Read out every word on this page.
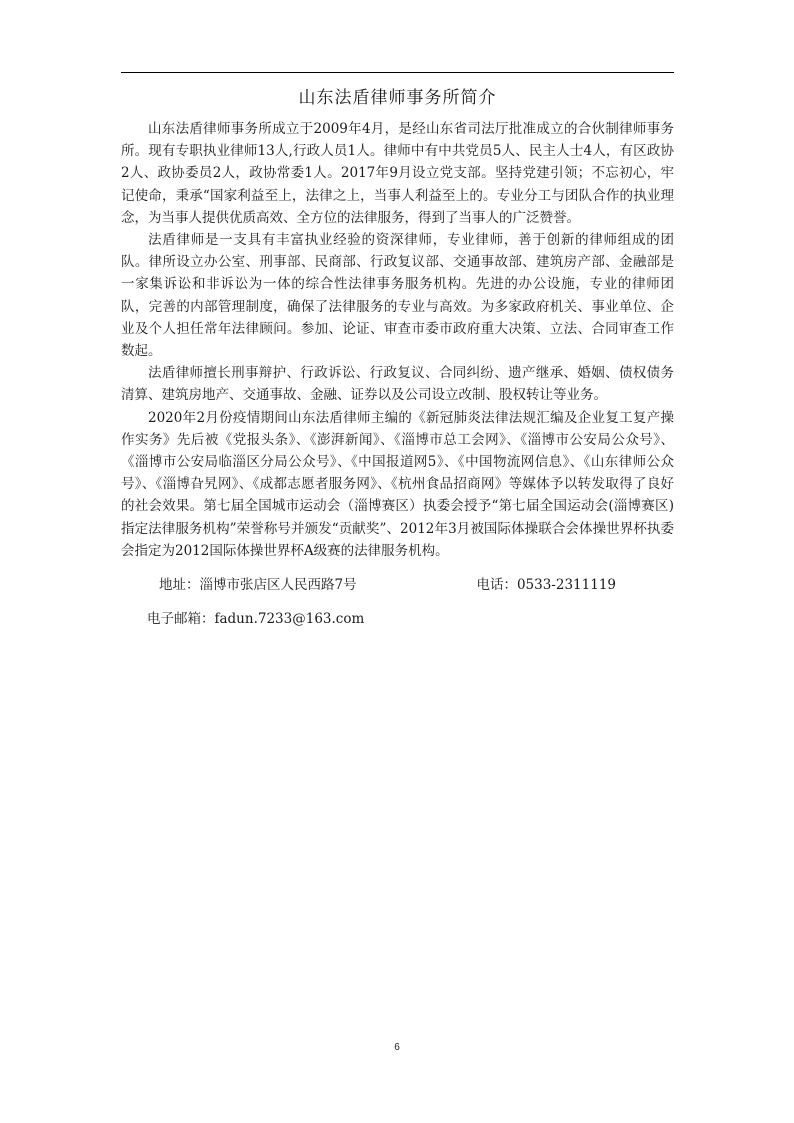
山东法盾律师事务所简介

山东法盾律师事务所成立于2009年4月，是经山东省司法厅批准成立的合伙制律师事务所。现有专职执业律师13人,行政人员1人。律师中有中共党员5人、民主人士4人，有区政协2人、政协委员2人，政协常委1人。2017年9月设立党支部。坚持党建引领；不忘初心，牢记使命，秉承“国家利益至上，法律之上，当事人利益至上的。专业分工与团队合作的执业理念，为当事人提供优质高效、全方位的法律服务，得到了当事人的广泛赞誉。

法盾律师是一支具有丰富执业经验的资深律师，专业律师，善于创新的律师组成的团队。律所设立办公室、刑事部、民商部、行政复议部、交通事故部、建筑房产部、金融部是一家集诉讼和非诉讼为一体的综合性法律事务服务机构。先进的办公设施，专业的律师团队，完善的内部管理制度，确保了法律服务的专业与高效。为多家政府机关、事业单位、企业及个人担任常年法律顾问。参加、论证、审查市委市政府重大决策、立法、合同审查工作数起。

法盾律师擅长刑事辩护、行政诉讼、行政复议、合同纠纷、遗产继承、婚姻、债权债务清算、建筑房地产、交通事故、金融、证券以及公司设立改制、股权转让等业务。

2020年2月份疫情期间山东法盾律师主编的《新冠肺炎法律法规汇编及企业复工复产操作实务》先后被《党报头条》、《澎湃新闻》、《淄博市总工会网》、《淄博市公安局公众号》、《淄博市公安局临淄区分局公众号》、《中国报道网5》、《中国物流网信息》、《山东律师公众号》、《淄博旮旯网》、《成都志愿者服务网》、《杭州食品招商网》等媒体予以转发取得了良好的社会效果。第七届全国城市运动会（淄博赛区）执委会授予“第七届全国运动会(淄博赛区)指定法律服务机构”荣誉称号并颁发“贡献奖”、2012年3月被国际体操联合会体操世界杯执委会指定为2012国际体操世界杯A级赛的法律服务机构。

地址：淄博市张店区人民西路7号	电话：0533-2311119
电子邮箱：fadun.7233@163.com
6
